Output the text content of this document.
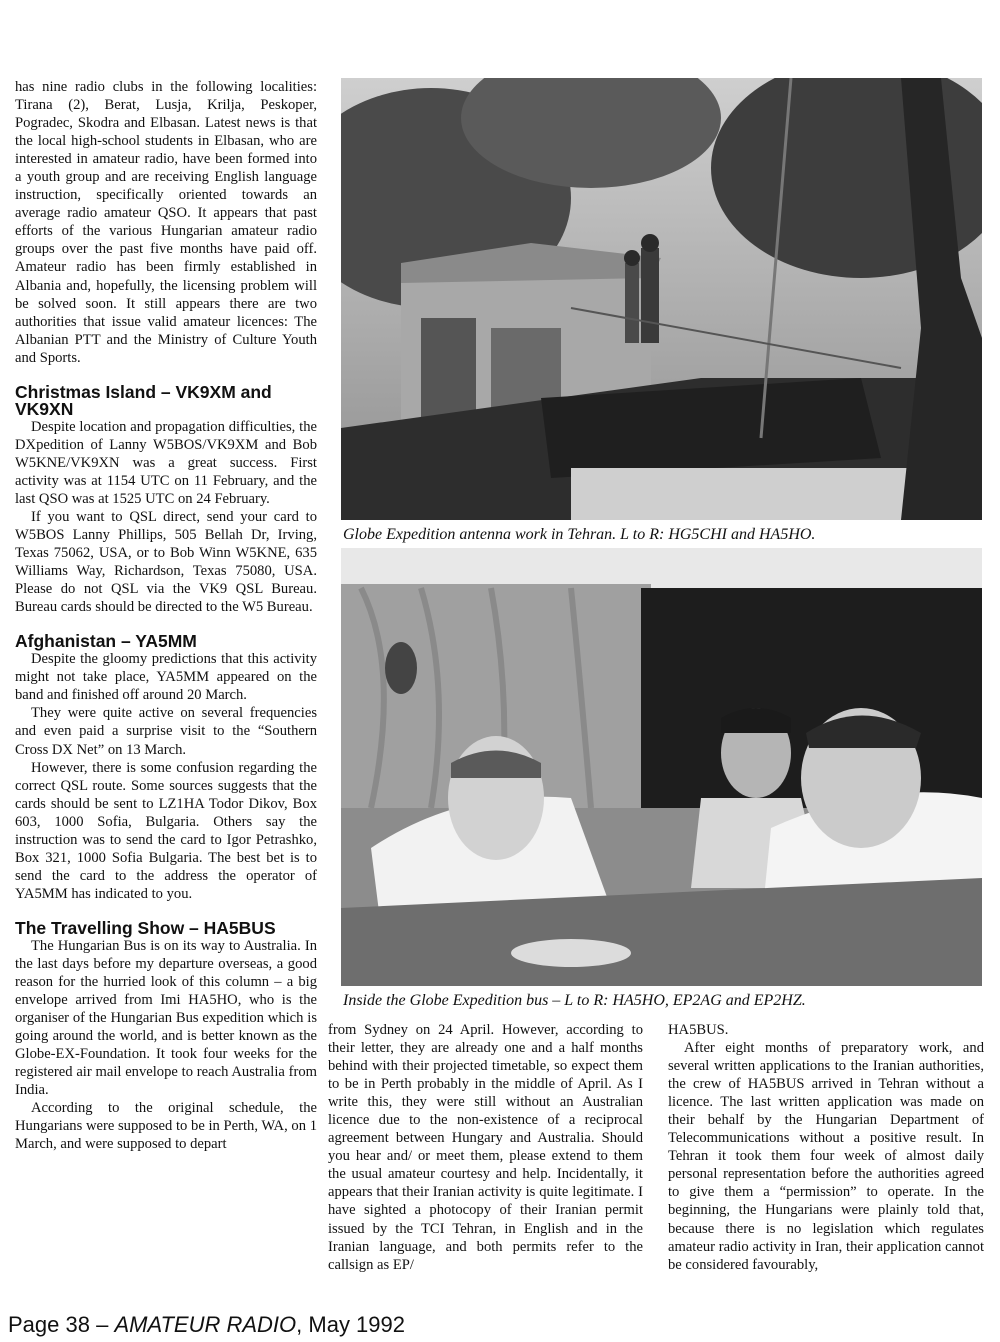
has nine radio clubs in the following localities: Tirana (2), Berat, Lusja, Krilja, Peskoper, Pogradec, Skodra and Elbasan. Latest news is that the local high-school students in Elbasan, who are interested in amateur radio, have been formed into a youth group and are receiving English language instruction, specifically oriented towards an average radio amateur QSO. It appears that past efforts of the various Hungarian amateur radio groups over the past five months have paid off. Amateur radio has been firmly established in Albania and, hopefully, the licensing problem will be solved soon. It still appears there are two authorities that issue valid amateur licences: The Albanian PTT and the Ministry of Culture Youth and Sports.

Christmas Island – VK9XM and VK9XN

Despite location and propagation difficulties, the DXpedition of Lanny W5BOS/VK9XM and Bob W5KNE/VK9XN was a great success. First activity was at 1154 UTC on 11 February, and the last QSO was at 1525 UTC on 24 February.

If you want to QSL direct, send your card to W5BOS Lanny Phillips, 505 Bellah Dr, Irving, Texas 75062, USA, or to Bob Winn W5KNE, 635 Williams Way, Richardson, Texas 75080, USA. Please do not QSL via the VK9 QSL Bureau. Bureau cards should be directed to the W5 Bureau.

Afghanistan – YA5MM

Despite the gloomy predictions that this activity might not take place, YA5MM appeared on the band and finished off around 20 March.

They were quite active on several frequencies and even paid a surprise visit to the “Southern Cross DX Net” on 13 March.

However, there is some confusion regarding the correct QSL route. Some sources suggests that the cards should be sent to LZ1HA Todor Dikov, Box 603, 1000 Sofia, Bulgaria. Others say the instruction was to send the card to Igor Petrashko, Box 321, 1000 Sofia Bulgaria. The best bet is to send the card to the address the operator of YA5MM has indicated to you.

The Travelling Show – HA5BUS

The Hungarian Bus is on its way to Australia. In the last days before my departure overseas, a good reason for the hurried look of this column – a big envelope arrived from Imi HA5HO, who is the organiser of the Hungarian Bus expedition which is going around the world, and is better known as the Globe-EX-Foundation. It took four weeks for the registered air mail envelope to reach Australia from India.

According to the original schedule, the Hungarians were supposed to be in Perth, WA, on 1 March, and were supposed to depart

Globe Expedition antenna work in Tehran. L to R: HG5CHI and HA5HO.
Inside the Globe Expedition bus – L to R: HA5HO, EP2AG and EP2HZ.

from Sydney on 24 April. However, according to their letter, they are already one and a half months behind with their projected timetable, so expect them to be in Perth probably in the middle of April. As I write this, they were still without an Australian licence due to the non-existence of a reciprocal agreement between Hungary and Australia. Should you hear and/ or meet them, please extend to them the usual amateur courtesy and help. Incidentally, it appears that their Iranian activity is quite legitimate. I have sighted a photocopy of their Iranian permit issued by the TCI Tehran, in English and in the Iranian language, and both permits refer to the callsign as EP/

HA5BUS.

After eight months of preparatory work, and several written applications to the Iranian authorities, the crew of HA5BUS arrived in Tehran without a licence. The last written application was made on their behalf by the Hungarian Department of Telecommunications without a positive result. In Tehran it took them four week of almost daily personal representation before the authorities agreed to give them a “permission” to operate. In the beginning, the Hungarians were plainly told that, because there is no legislation which regulates amateur radio activity in Iran, their application cannot be considered favourably,

Page 38 – AMATEUR RADIO, May 1992
